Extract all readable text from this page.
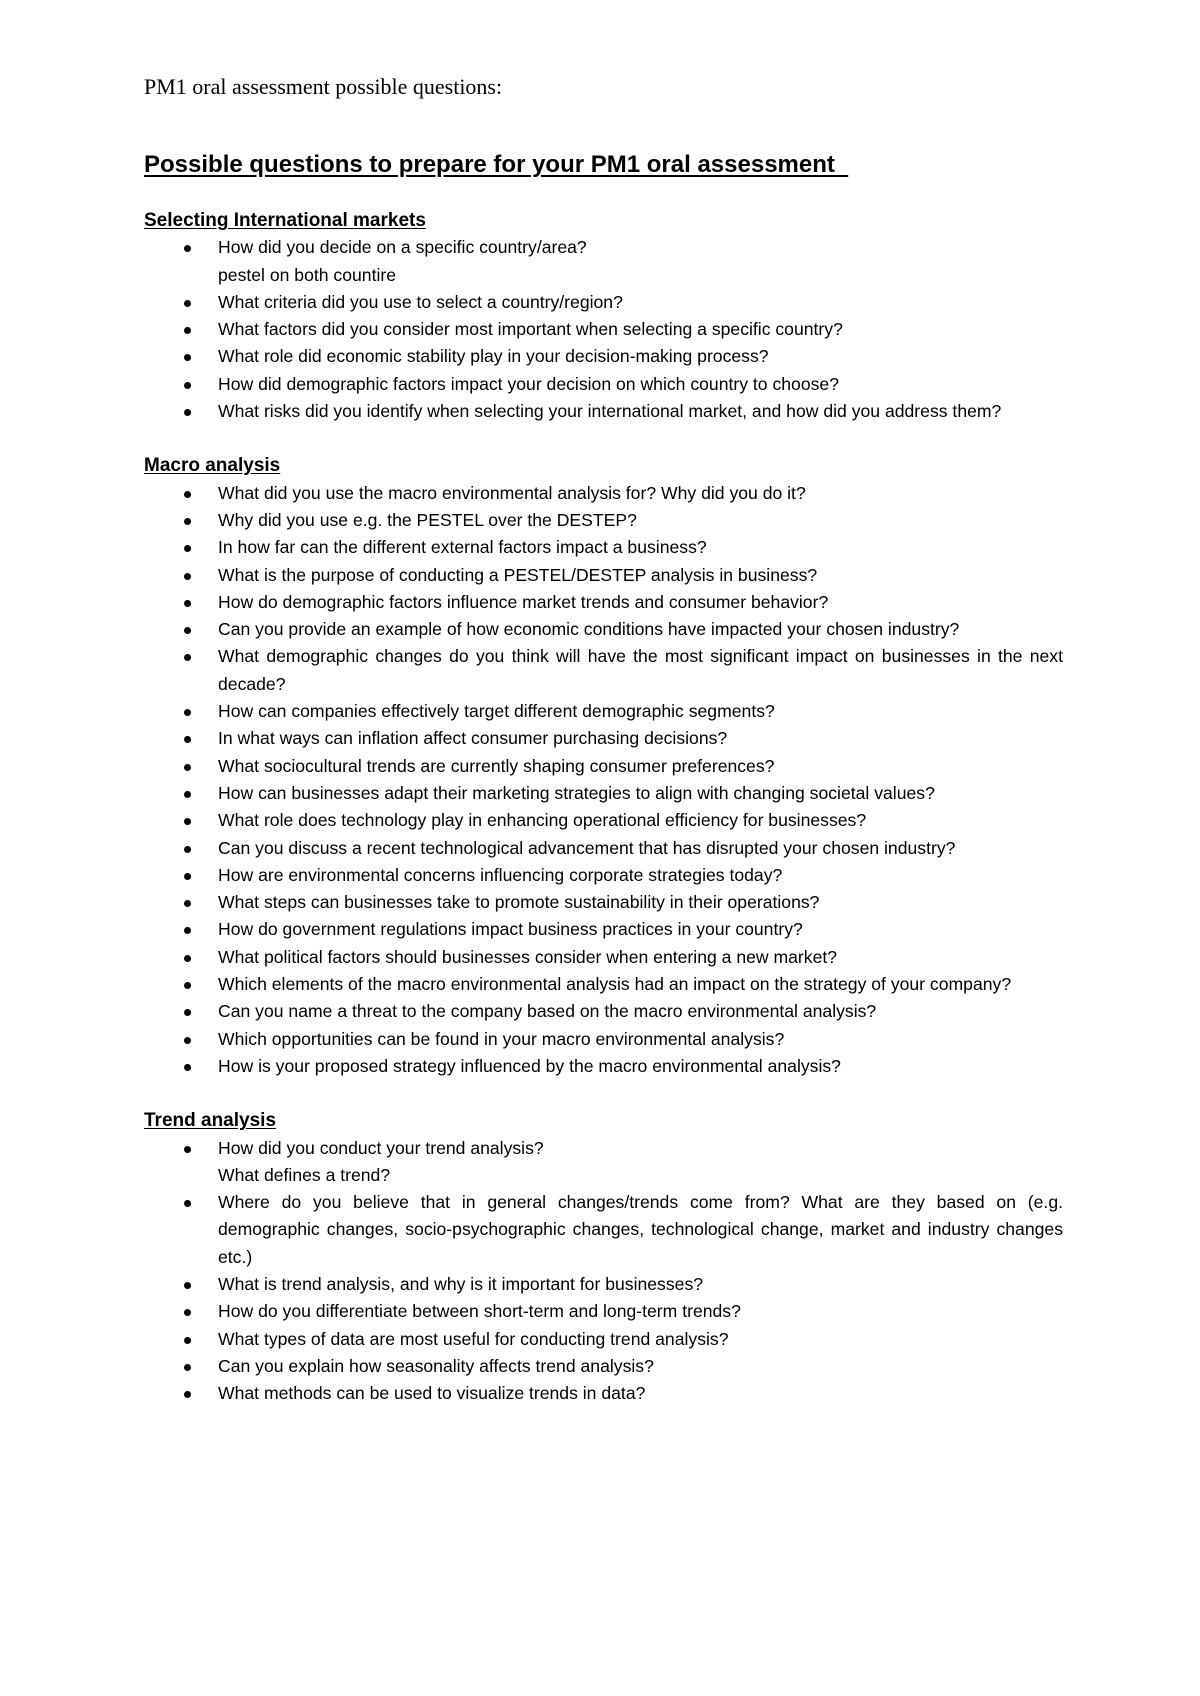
PM1 oral assessment possible questions:

Possible questions to prepare for your PM1 oral assessment
Selecting International markets
How did you decide on a specific country/area?
pestel on both countire
What criteria did you use to select a country/region?
What factors did you consider most important when selecting a specific country?
What role did economic stability play in your decision-making process?
How did demographic factors impact your decision on which country to choose?
What risks did you identify when selecting your international market, and how did you address them?
Macro analysis
What did you use the macro environmental analysis for? Why did you do it?
Why did you use e.g. the PESTEL over the DESTEP?
In how far can the different external factors impact a business?
What is the purpose of conducting a PESTEL/DESTEP analysis in business?
How do demographic factors influence market trends and consumer behavior?
Can you provide an example of how economic conditions have impacted your chosen industry?
What demographic changes do you think will have the most significant impact on businesses in the next decade?
How can companies effectively target different demographic segments?
In what ways can inflation affect consumer purchasing decisions?
What sociocultural trends are currently shaping consumer preferences?
How can businesses adapt their marketing strategies to align with changing societal values?
What role does technology play in enhancing operational efficiency for businesses?
Can you discuss a recent technological advancement that has disrupted your chosen industry?
How are environmental concerns influencing corporate strategies today?
What steps can businesses take to promote sustainability in their operations?
How do government regulations impact business practices in your country?
What political factors should businesses consider when entering a new market?
Which elements of the macro environmental analysis had an impact on the strategy of your company?
Can you name a threat to the company based on the macro environmental analysis?
Which opportunities can be found in your macro environmental analysis?
How is your proposed strategy influenced by the macro environmental analysis?
Trend analysis
How did you conduct your trend analysis?
What defines a trend?
Where do you believe that in general changes/trends come from? What are they based on (e.g. demographic changes, socio-psychographic changes, technological change, market and industry changes etc.)
What is trend analysis, and why is it important for businesses?
How do you differentiate between short-term and long-term trends?
What types of data are most useful for conducting trend analysis?
Can you explain how seasonality affects trend analysis?
What methods can be used to visualize trends in data?
